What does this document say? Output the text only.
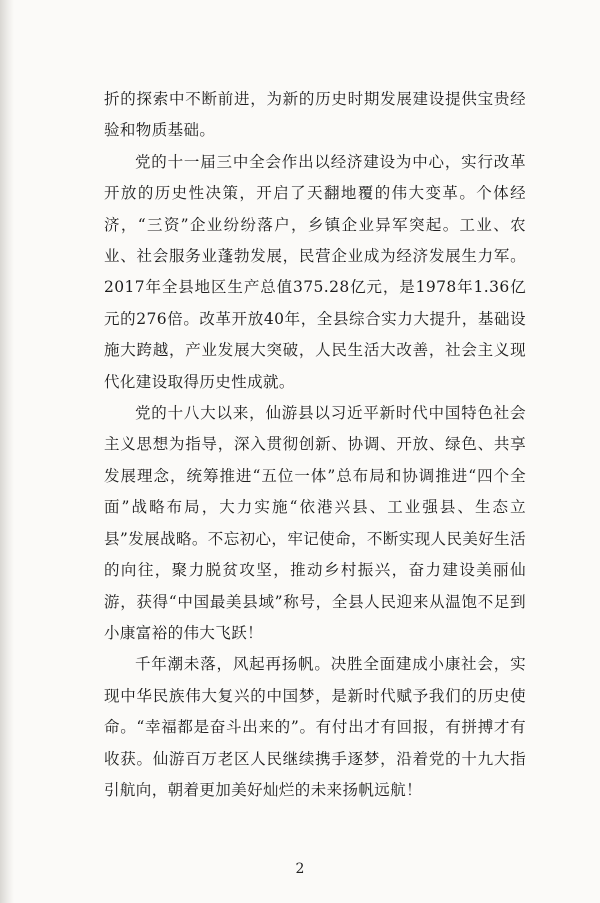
折的探索中不断前进，为新的历史时期发展建设提供宝贵经验和物质基础。

党的十一届三中全会作出以经济建设为中心，实行改革开放的历史性决策，开启了天翻地覆的伟大变革。个体经济，“三资”企业纷纷落户，乡镇企业异军突起。工业、农业、社会服务业蓬勃发展，民营企业成为经济发展生力军。2017年全县地区生产总值375.28亿元，是1978年1.36亿元的276倍。改革开放40年，全县综合实力大提升，基础设施大跨越，产业发展大突破，人民生活大改善，社会主义现代化建设取得历史性成就。

党的十八大以来，仙游县以习近平新时代中国特色社会主义思想为指导，深入贯彻创新、协调、开放、绿色、共享发展理念，统筹推进“五位一体”总布局和协调推进“四个全面”战略布局，大力实施“依港兴县、工业强县、生态立县”发展战略。不忘初心，牢记使命，不断实现人民美好生活的向往，聚力脱贫攻坚，推动乡村振兴，奋力建设美丽仙游，获得“中国最美县域”称号，全县人民迎来从温饱不足到小康富裕的伟大飞跃！

千年潮未落，风起再扬帆。决胜全面建成小康社会，实现中华民族伟大复兴的中国梦，是新时代赋予我们的历史使命。“幸福都是奋斗出来的”。有付出才有回报，有拼搏才有收获。仙游百万老区人民继续携手逐梦，沿着党的十九大指引航向，朝着更加美好灿烂的未来扬帆远航！

2
